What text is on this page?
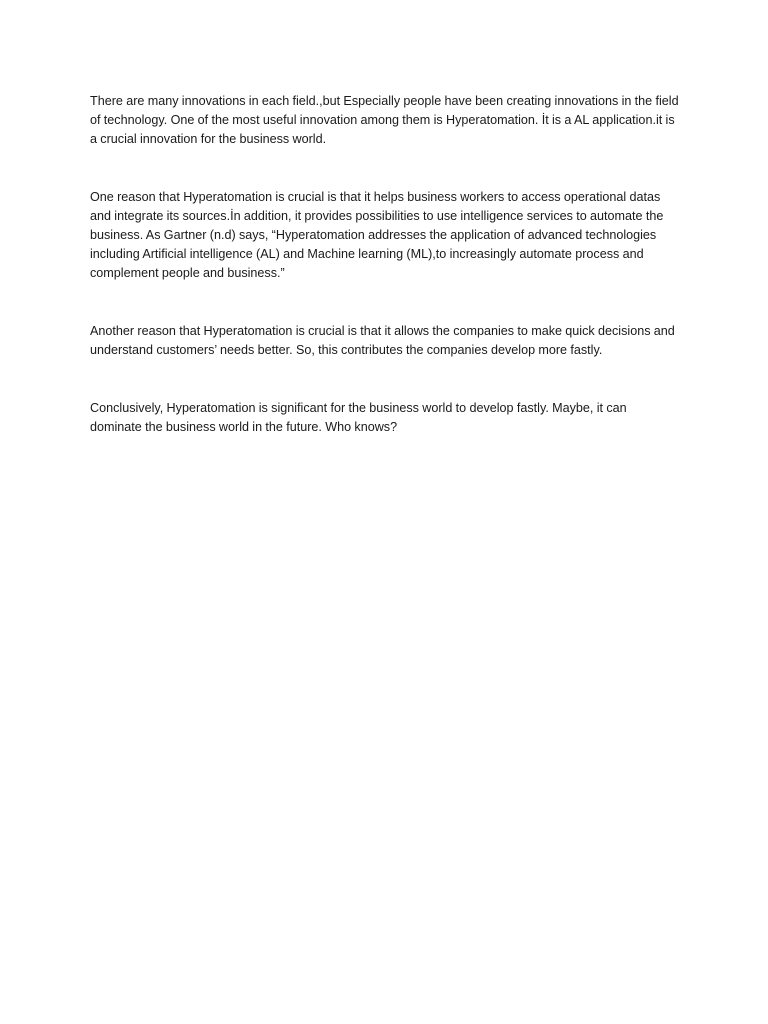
There are many innovations in each field.,but Especially people have been creating innovations in the field of technology. One of the most useful innovation among them is Hyperatomation. İt is a AL application.it is a crucial innovation for the business world.

One reason that Hyperatomation is crucial is that it helps business workers to access operational datas and integrate its sources.İn addition, it provides possibilities to use intelligence services to automate the business. As Gartner (n.d) says, “Hyperatomation addresses the application of advanced technologies including Artificial intelligence (AL) and Machine learning (ML),to increasingly automate process and complement people and business.”

Another reason that Hyperatomation is crucial is that it allows the companies to make quick decisions and understand customers’ needs better. So, this contributes the companies develop more fastly.

Conclusively, Hyperatomation is significant for the business world to develop fastly. Maybe, it can dominate the business world in the future. Who knows?
